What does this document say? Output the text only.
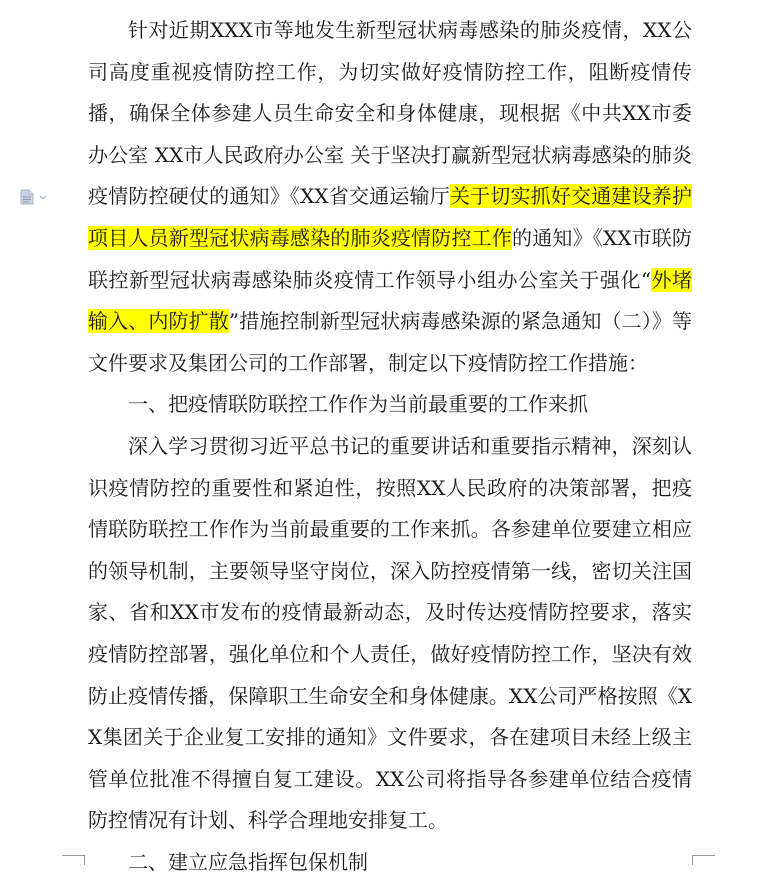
针对近期XXX市等地发生新型冠状病毒感染的肺炎疫情，XX公司高度重视疫情防控工作，为切实做好疫情防控工作，阻断疫情传播，确保全体参建人员生命安全和身体健康，现根据《中共XX市委办公室 XX市人民政府办公室 关于坚决打赢新型冠状病毒感染的肺炎疫情防控硬仗的通知》《XX省交通运输厅关于切实抓好交通建设养护项目人员新型冠状病毒感染的肺炎疫情防控工作的通知》《XX市联防联控新型冠状病毒感染肺炎疫情工作领导小组办公室关于强化“外堵输入、内防扩散”措施控制新型冠状病毒感染源的紧急通知（二）》等文件要求及集团公司的工作部署，制定以下疫情防控工作措施：

一、把疫情联防联控工作作为当前最重要的工作来抓

深入学习贯彻习近平总书记的重要讲话和重要指示精神，深刻认识疫情防控的重要性和紧迫性，按照XX人民政府的决策部署，把疫情联防联控工作作为当前最重要的工作来抓。各参建单位要建立相应的领导机制，主要领导坚守岗位，深入防控疫情第一线，密切关注国家、省和XX市发布的疫情最新动态，及时传达疫情防控要求，落实疫情防控部署，强化单位和个人责任，做好疫情防控工作，坚决有效防止疫情传播，保障职工生命安全和身体健康。XX公司严格按照《XX集团关于企业复工安排的通知》文件要求，各在建项目未经上级主管单位批准不得擅自复工建设。XX公司将指导各参建单位结合疫情防控情况有计划、科学合理地安排复工。

二、建立应急指挥包保机制
